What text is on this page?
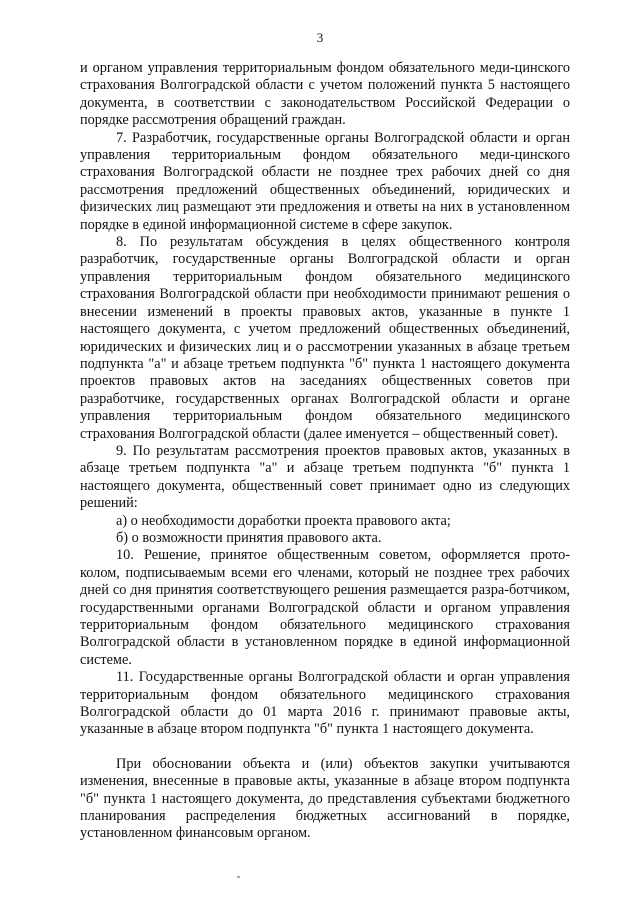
3

и органом управления территориальным фондом обязательного меди-цинского страхования Волгоградской области с учетом положений пункта 5 настоящего документа, в соответствии с законодательством Российской Федерации о порядке рассмотрения обращений граждан.

7. Разработчик, государственные органы Волгоградской области и орган управления территориальным фондом обязательного меди-цинского страхования Волгоградской области не позднее трех рабочих дней со дня рассмотрения предложений общественных объединений, юридических и физических лиц размещают эти предложения и ответы на них в установленном порядке в единой информационной системе в сфере закупок.

8. По результатам обсуждения в целях общественного контроля разработчик, государственные органы Волгоградской области и орган управления территориальным фондом обязательного медицинского страхования Волгоградской области при необходимости принимают решения о внесении изменений в проекты правовых актов, указанные в пункте 1 настоящего документа, с учетом предложений общественных объединений, юридических и физических лиц и о рассмотрении указанных в абзаце третьем подпункта "а" и абзаце третьем подпункта "б" пункта 1 настоящего документа проектов правовых актов на заседаниях общественных советов при разработчике, государственных органах Волгоградской области и органе управления территориальным фондом обязательного медицинского страхования Волгоградской области (далее именуется – общественный совет).

9. По результатам рассмотрения проектов правовых актов, указанных в абзаце третьем подпункта "а" и абзаце третьем подпункта "б" пункта 1 настоящего документа, общественный совет принимает одно из следующих решений:

а) о необходимости доработки проекта правового акта;

б) о возможности принятия правового акта.

10. Решение, принятое общественным советом, оформляется прото-колом, подписываемым всеми его членами, который не позднее трех рабочих дней со дня принятия соответствующего решения размещается разра-ботчиком, государственными органами Волгоградской области и органом управления территориальным фондом обязательного медицинского страхования Волгоградской области в установленном порядке в единой информационной системе.

11. Государственные органы Волгоградской области и орган управления территориальным фондом обязательного медицинского страхования Волгоградской области до 01 марта 2016 г. принимают правовые акты, указанные в абзаце втором подпункта "б" пункта 1 настоящего документа.

При обосновании объекта и (или) объектов закупки учитываются изменения, внесенные в правовые акты, указанные в абзаце втором подпункта "б" пункта 1 настоящего документа, до представления субъектами бюджетного планирования распределения бюджетных ассигнований в порядке, установленном финансовым органом.
